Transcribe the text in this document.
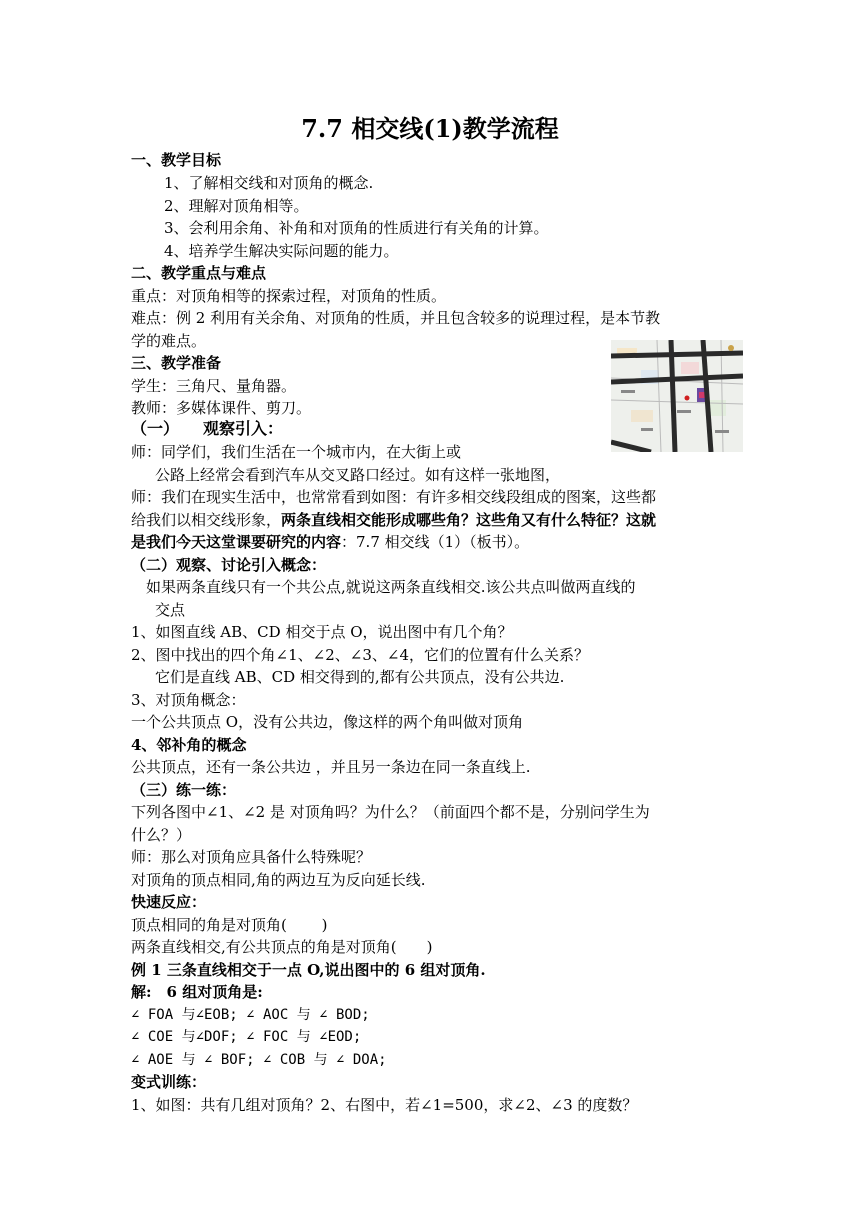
7.7 相交线(1)教学流程
一、教学目标
1、了解相交线和对顶角的概念.
2、理解对顶角相等。
3、会利用余角、补角和对顶角的性质进行有关角的计算。
4、培养学生解决实际问题的能力。
二、教学重点与难点
重点：对顶角相等的探索过程，对顶角的性质。
难点：例 2 利用有关余角、对顶角的性质，并且包含较多的说理过程，是本节教
学的难点。
三、教学准备
学生：三角尺、量角器。
教师：多媒体课件、剪刀。
（一）　　观察引入：
师：同学们，我们生活在一个城市内，在大街上或
公路上经常会看到汽车从交叉路口经过。如有这样一张地图，
师：我们在现实生活中，也常常看到如图：有许多相交线段组成的图案，这些都
给我们以相交线形象，两条直线相交能形成哪些角？这些角又有什么特征？这就
是我们今天这堂课要研究的内容：7.7 相交线（1）（板书）。
（二）观察、讨论引入概念：
如果两条直线只有一个共公点,就说这两条直线相交.该公共点叫做两直线的
交点
1、如图直线 AB、CD 相交于点 O，说出图中有几个角？
2、图中找出的四个角∠1、∠2、∠3、∠4，它们的位置有什么关系？
它们是直线 AB、CD 相交得到的,都有公共顶点，没有公共边.
3、对顶角概念：
一个公共顶点 O，没有公共边，像这样的两个角叫做对顶角
4、邻补角的概念
公共顶点，还有一条公共边 ，并且另一条边在同一条直线上.
（三）练一练：
下列各图中∠1、∠2 是 对顶角吗？为什么？（前面四个都不是，分别问学生为
什么？）
师：那么对顶角应具备什么特殊呢？
对顶角的顶点相同,角的两边互为反向延长线.
快速反应：
顶点相同的角是对顶角(　　 )
两条直线相交,有公共顶点的角是对顶角(　　)
例 1 三条直线相交于一点 O,说出图中的 6 组对顶角.
解:　6 组对顶角是:
∠ FOA 与∠EOB; ∠ AOC 与 ∠ BOD;
∠ COE 与∠DOF; ∠ FOC 与 ∠EOD;
∠ AOE 与 ∠ BOF; ∠ COB 与 ∠ DOA;
变式训练：
1、如图：共有几组对顶角？2、右图中，若∠1=500，求∠2、∠3 的度数？
